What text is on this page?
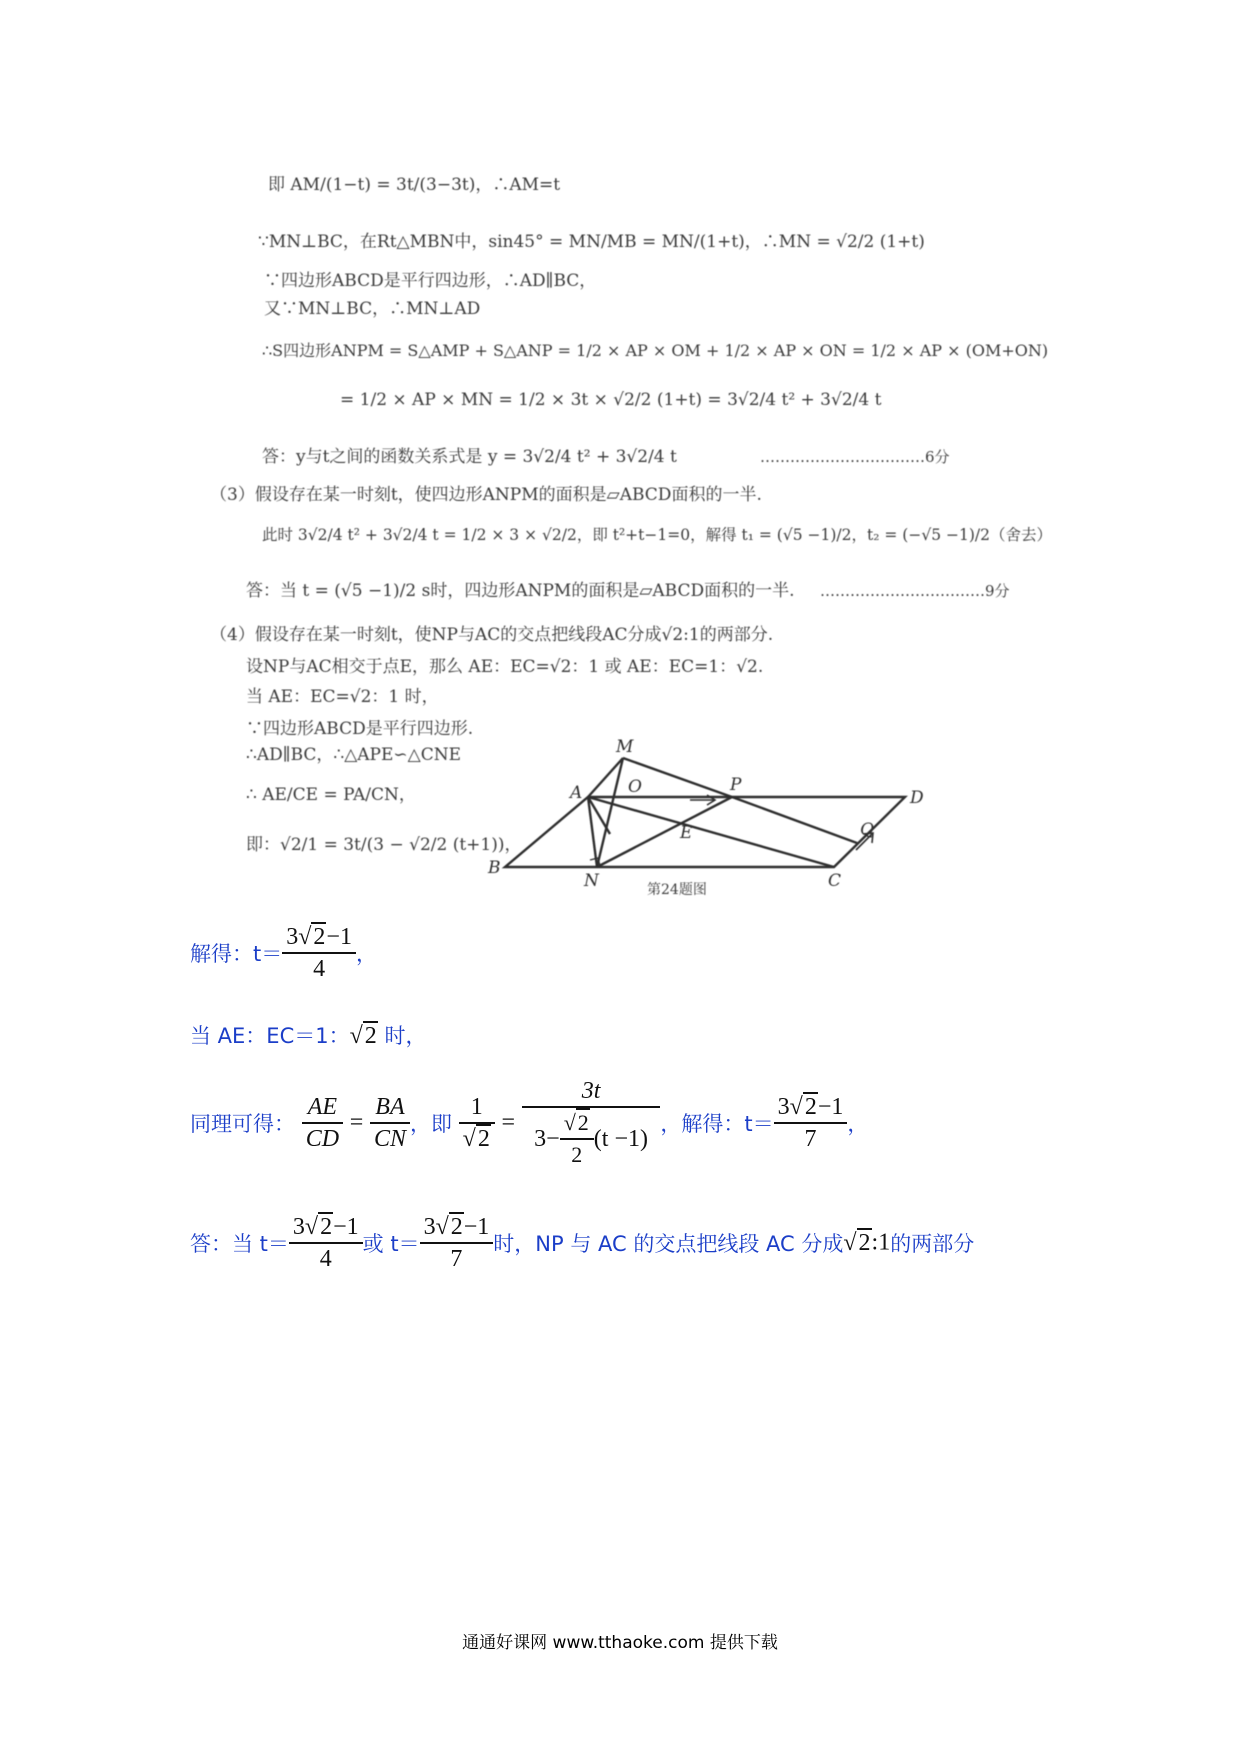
即 AM/(1−t) = 3t/(3−3t)，∴AM=t
∵MN⊥BC，在Rt△MBN中，sin45° = MN/MB = MN/(1+t)，∴MN = √2/2 (1+t)
∵四边形ABCD是平行四边形，∴AD∥BC，
又∵MN⊥BC，∴MN⊥AD
∴S四边形ANPM = S△AMP + S△ANP = 1/2 × AP × OM + 1/2 × AP × ON = 1/2 × AP × (OM+ON)
= 1/2 × AP × MN = 1/2 × 3t × √2/2 (1+t) = 3√2/4 t² + 3√2/4 t
答：y与t之间的函数关系式是 y = 3√2/4 t² + 3√2/4 t	……………………………6分
（3）假设存在某一时刻t，使四边形ANPM的面积是▱ABCD面积的一半.
此时 3√2/4 t² + 3√2/4 t = 1/2 × 3 × √2/2，即 t²+t−1=0，解得 t₁ = (√5 −1)/2，t₂ = (−√5 −1)/2（舍去）
答：当 t = (√5 −1)/2 s时，四边形ANPM的面积是▱ABCD面积的一半. ……………………………9分
（4）假设存在某一时刻t，使NP与AC的交点把线段AC分成√2:1的两部分.
设NP与AC相交于点E，那么 AE：EC=√2：1 或 AE：EC=1：√2.
当 AE：EC=√2：1 时，
∵四边形ABCD是平行四边形.
∴AD∥BC，∴△APE∽△CNE
∴ AE/CE = PA/CN，
即：√2/1 = 3t/(3 − √2/2 (t+1))，
M
O	P
D
A
E	Q
B
N	C
第24题图
解得：$t= \frac{3√2-1}{4}$ ，
当 AE：EC＝1：√2 时，
同理可得： $\frac{AE}{CD} = \frac{BA}{CN}$ ，即 $\frac{1}{√2} = \frac{3t}{3- \frac{√2}{2} (t -1)}$ ，解得：$t= \frac{3√2-1}{7}$ ，
答：当 $t= \frac{3√2-1}{4}$ 或 $t= \frac{3√2-1}{7}$ 时，NP 与 AC 的交点把线段 AC 分成√2:1的两部分
通通好课网 www.tthaoke.com 提供下载
